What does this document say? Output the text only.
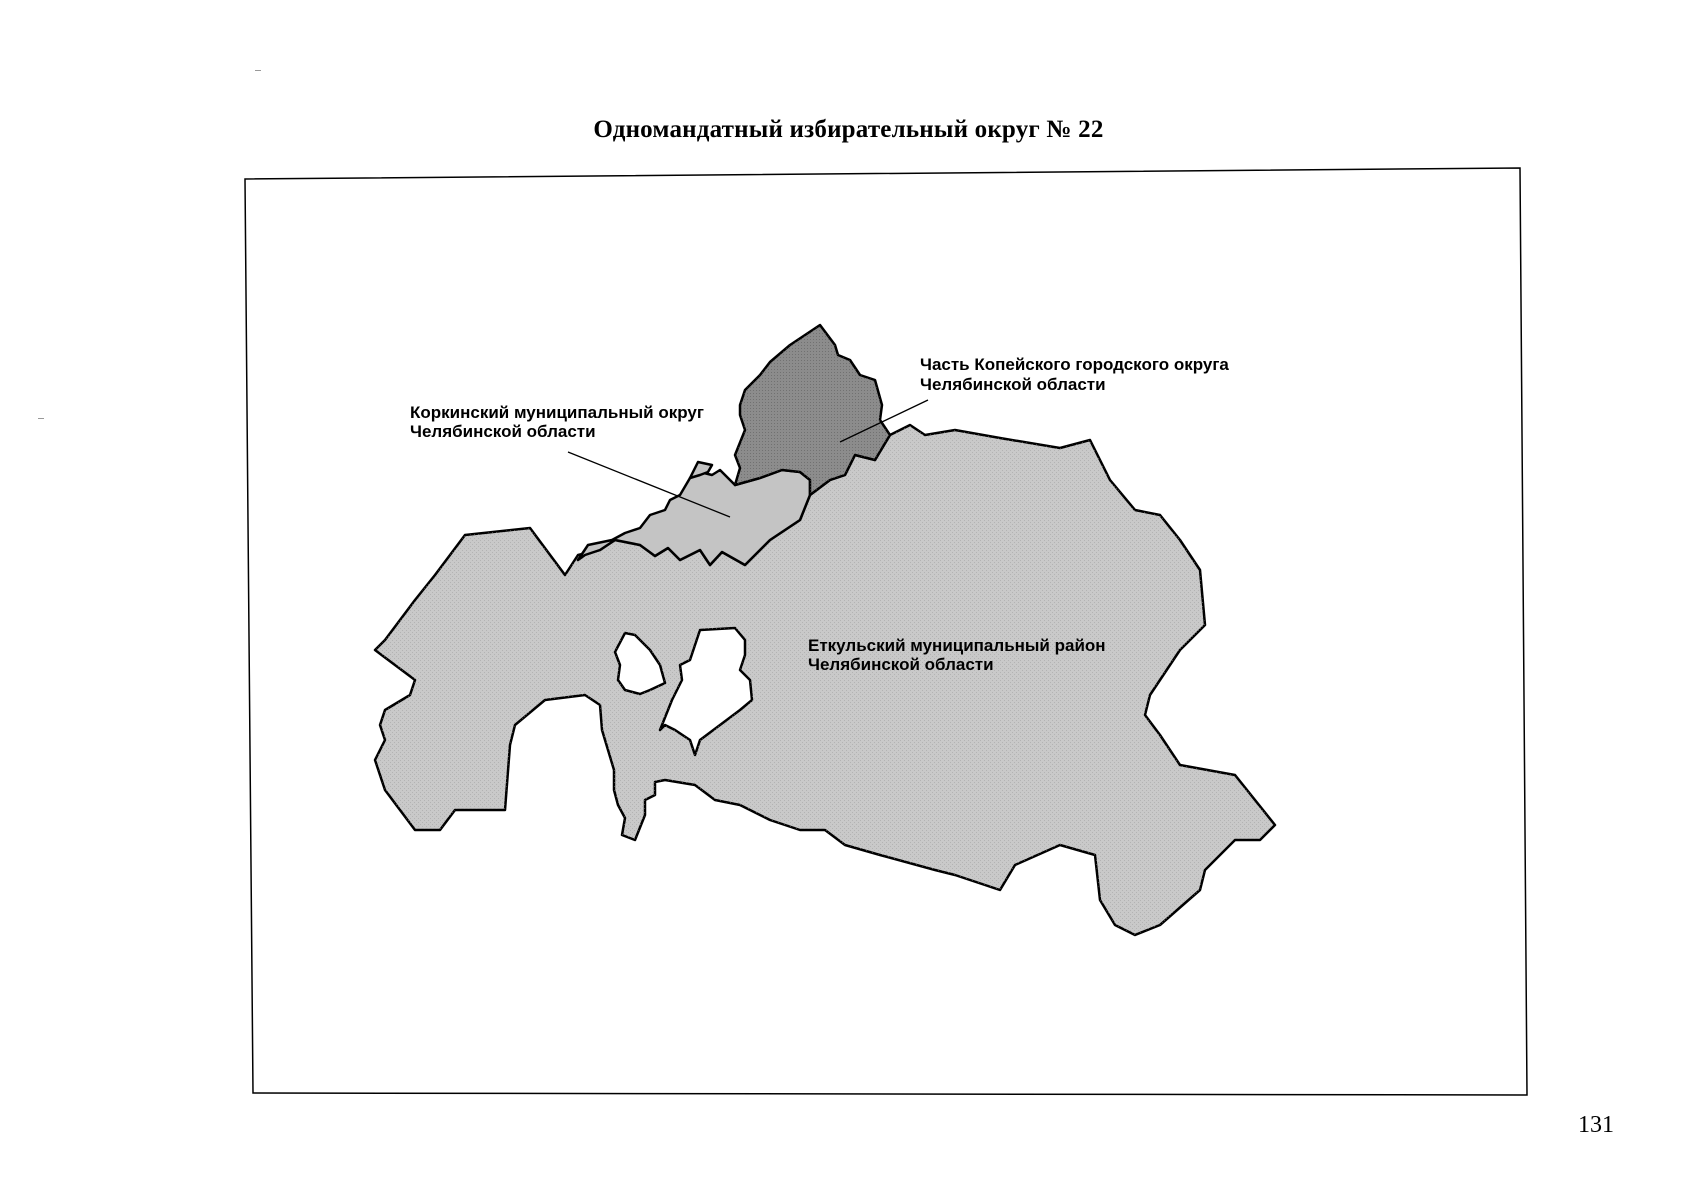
Одномандатный избирательный округ № 22
Часть Копейского городского округа
Челябинской области
Коркинский муниципальный округ
Челябинской области
Еткульский муниципальный район
Челябинской области
131
